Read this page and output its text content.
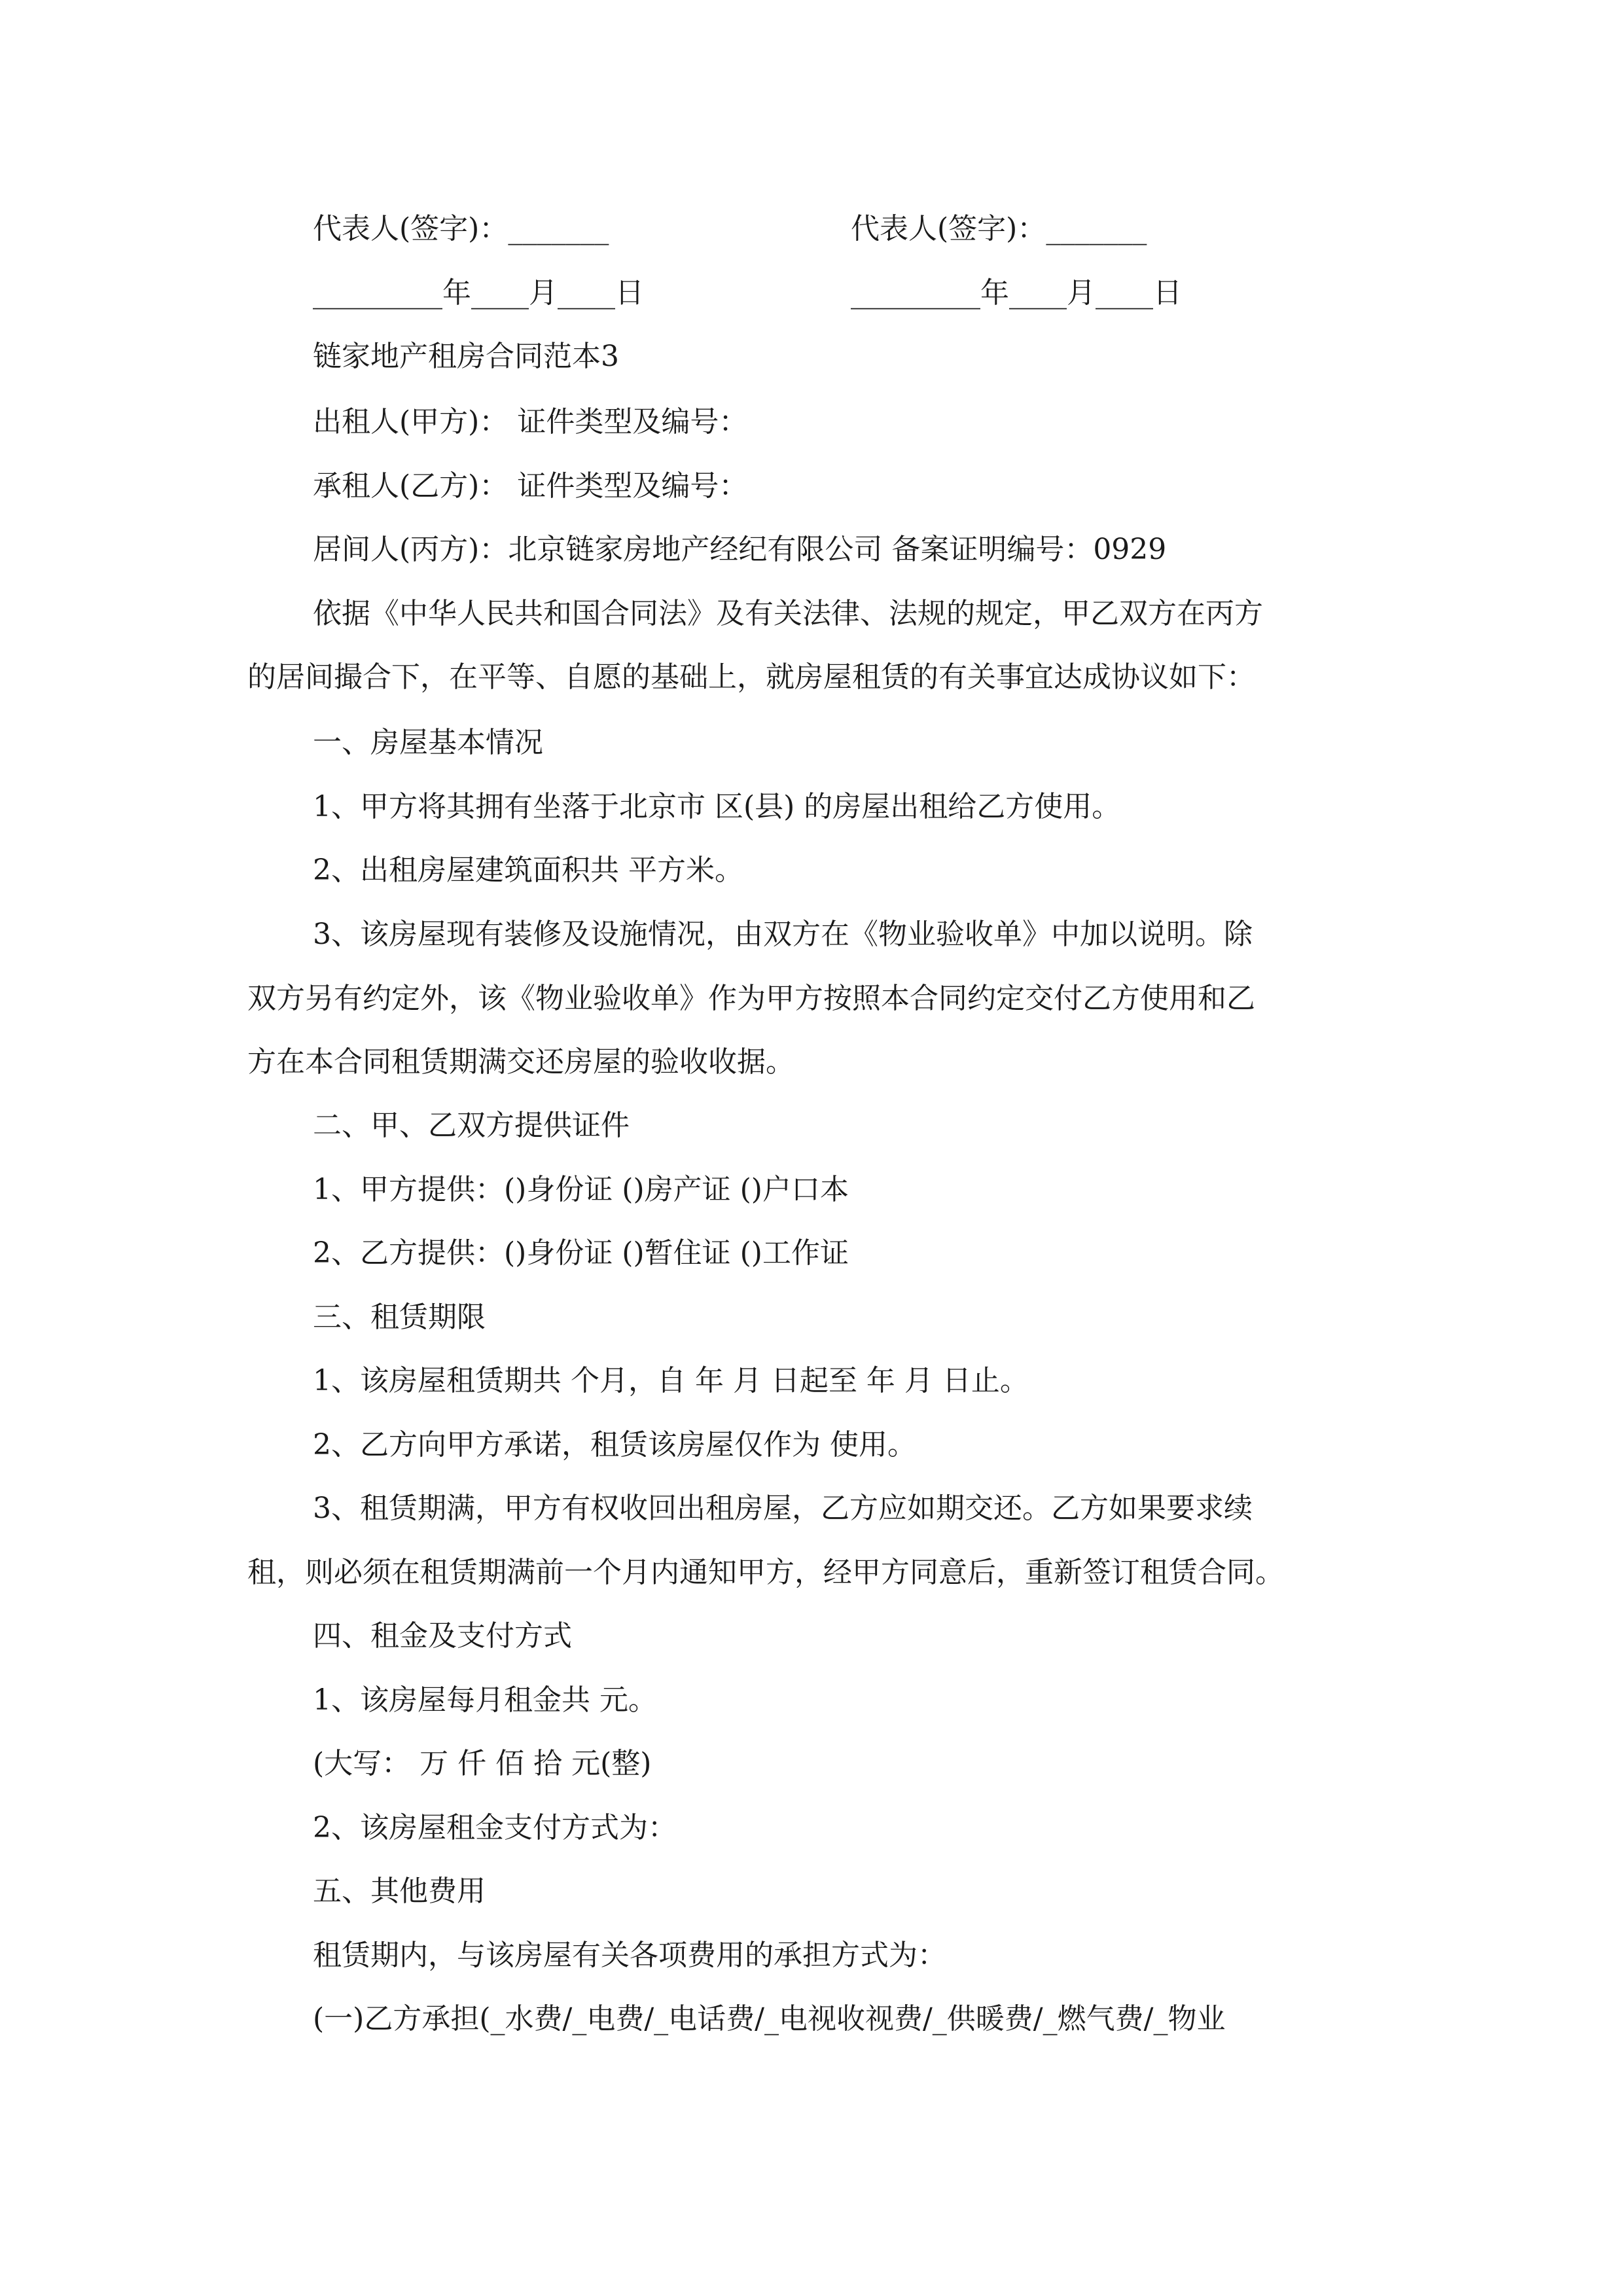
代表人(签字)：_______	代表人(签字)：_______
_________年____月____日	_________年____月____日
链家地产租房合同范本3
出租人(甲方)： 证件类型及编号：
承租人(乙方)： 证件类型及编号：
居间人(丙方)：北京链家房地产经纪有限公司 备案证明编号：0929
依据《中华人民共和国合同法》及有关法律、法规的规定，甲乙双方在丙方
的居间撮合下，在平等、自愿的基础上，就房屋租赁的有关事宜达成协议如下：
一、房屋基本情况
1、甲方将其拥有坐落于北京市 区(县) 的房屋出租给乙方使用。
2、出租房屋建筑面积共 平方米。
3、该房屋现有装修及设施情况，由双方在《物业验收单》中加以说明。除
双方另有约定外，该《物业验收单》作为甲方按照本合同约定交付乙方使用和乙
方在本合同租赁期满交还房屋的验收收据。
二、甲、乙双方提供证件
1、甲方提供：()身份证 ()房产证 ()户口本
2、乙方提供：()身份证 ()暂住证 ()工作证
三、租赁期限
1、该房屋租赁期共 个月，自 年 月 日起至 年 月 日止。
2、乙方向甲方承诺，租赁该房屋仅作为 使用。
3、租赁期满，甲方有权收回出租房屋，乙方应如期交还。乙方如果要求续
租，则必须在租赁期满前一个月内通知甲方，经甲方同意后，重新签订租赁合同。
四、租金及支付方式
1、该房屋每月租金共 元。
(大写： 万 仟 佰 拾 元(整)
2、该房屋租金支付方式为：
五、其他费用
租赁期内，与该房屋有关各项费用的承担方式为：
(一)乙方承担(_水费/_电费/_电话费/_电视收视费/_供暖费/_燃气费/_物业
